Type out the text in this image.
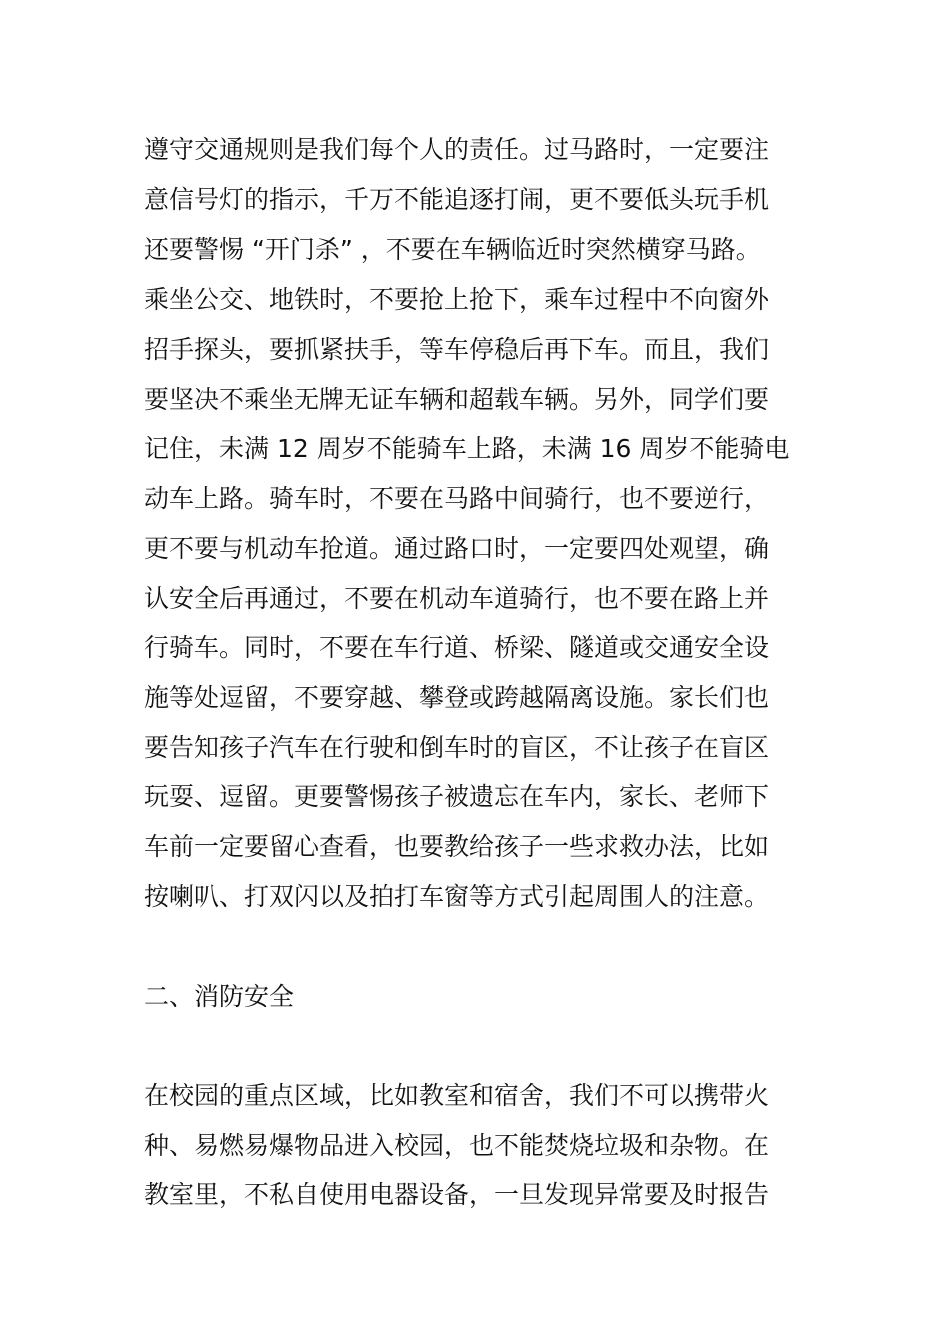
遵守交通规则是我们每个人的责任。过马路时，一定要注

意信号灯的指示，千万不能追逐打闹，更不要低头玩手机

还要警惕 “开门杀” ，不要在车辆临近时突然横穿马路。

乘坐公交、地铁时，不要抢上抢下，乘车过程中不向窗外

招手探头，要抓紧扶手，等车停稳后再下车。而且，我们

要坚决不乘坐无牌无证车辆和超载车辆。另外，同学们要

记住，未满 12 周岁不能骑车上路，未满 16 周岁不能骑电

动车上路。骑车时，不要在马路中间骑行，也不要逆行，

更不要与机动车抢道。通过路口时，一定要四处观望，确

认安全后再通过，不要在机动车道骑行，也不要在路上并

行骑车。同时，不要在车行道、桥梁、隧道或交通安全设

施等处逗留，不要穿越、攀登或跨越隔离设施。家长们也

要告知孩子汽车在行驶和倒车时的盲区，不让孩子在盲区

玩耍、逗留。更要警惕孩子被遗忘在车内，家长、老师下

车前一定要留心查看，也要教给孩子一些求救办法，比如

按喇叭、打双闪以及拍打车窗等方式引起周围人的注意。

二、消防安全

在校园的重点区域，比如教室和宿舍，我们不可以携带火

种、易燃易爆物品进入校园，也不能焚烧垃圾和杂物。在

教室里，不私自使用电器设备，一旦发现异常要及时报告
